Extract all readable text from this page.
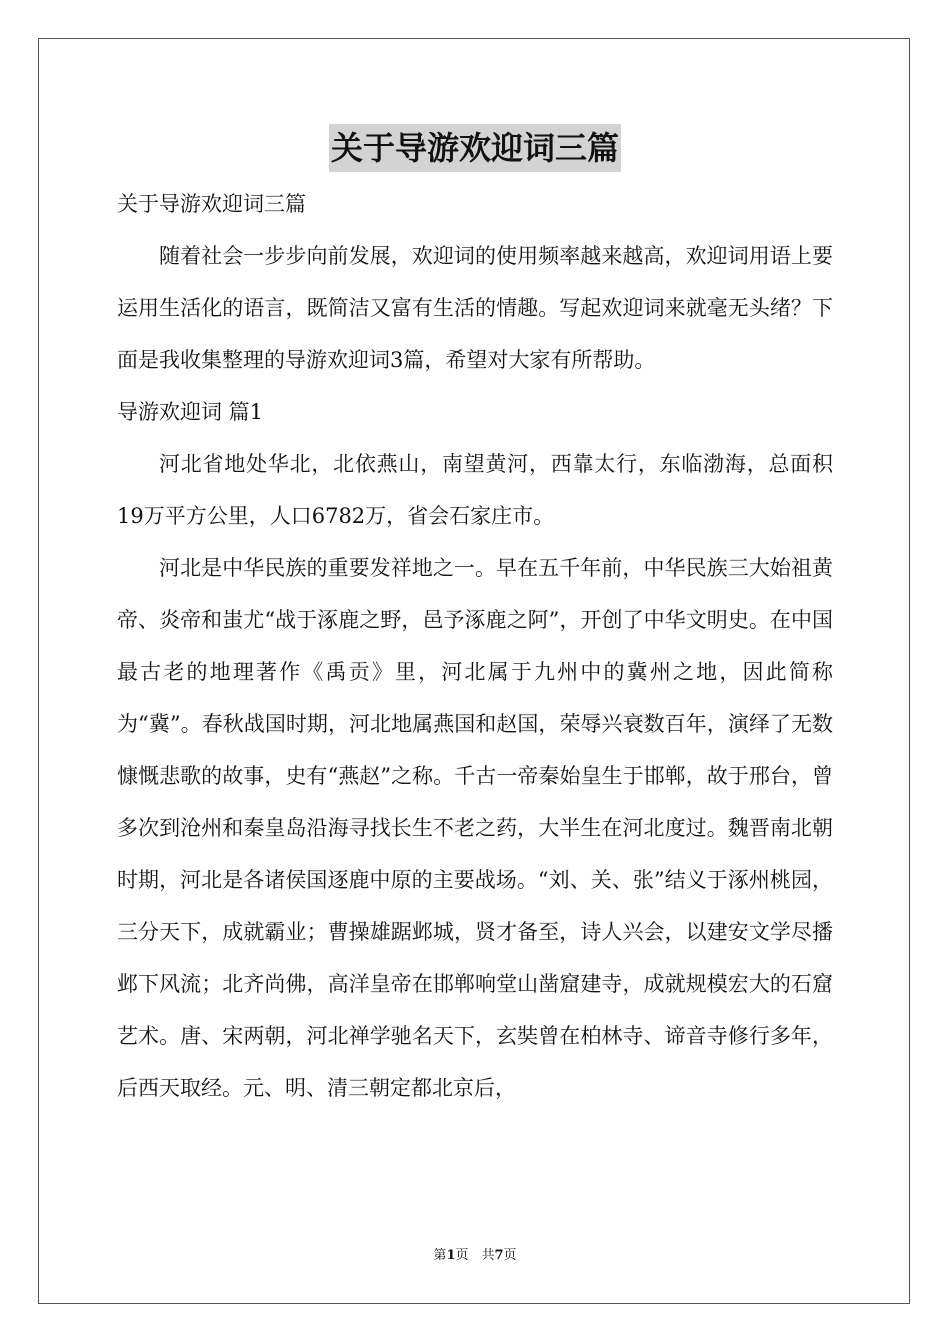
关于导游欢迎词三篇

关于导游欢迎词三篇

随着社会一步步向前发展，欢迎词的使用频率越来越高，欢迎词用语上要运用生活化的语言，既简洁又富有生活的情趣。写起欢迎词来就毫无头绪？下面是我收集整理的导游欢迎词3篇，希望对大家有所帮助。

导游欢迎词 篇1

河北省地处华北，北依燕山，南望黄河，西靠太行，东临渤海，总面积19万平方公里，人口6782万，省会石家庄市。

河北是中华民族的重要发祥地之一。早在五千年前，中华民族三大始祖黄帝、炎帝和蚩尤“战于涿鹿之野，邑予涿鹿之阿”，开创了中华文明史。在中国最古老的地理著作《禹贡》里，河北属于九州中的冀州之地，因此简称为“冀”。春秋战国时期，河北地属燕国和赵国，荣辱兴衰数百年，演绎了无数慷慨悲歌的故事，史有“燕赵”之称。千古一帝秦始皇生于邯郸，故于邢台，曾多次到沧州和秦皇岛沿海寻找长生不老之药，大半生在河北度过。魏晋南北朝时期，河北是各诸侯国逐鹿中原的主要战场。“刘、关、张”结义于涿州桃园，三分天下，成就霸业；曹操雄踞邺城，贤才备至，诗人兴会，以建安文学尽播邺下风流；北齐尚佛，高洋皇帝在邯郸响堂山凿窟建寺，成就规模宏大的石窟艺术。唐、宋两朝，河北禅学驰名天下，玄奘曾在柏林寺、谛音寺修行多年，后西天取经。元、明、清三朝定都北京后，

第1页　共7页
